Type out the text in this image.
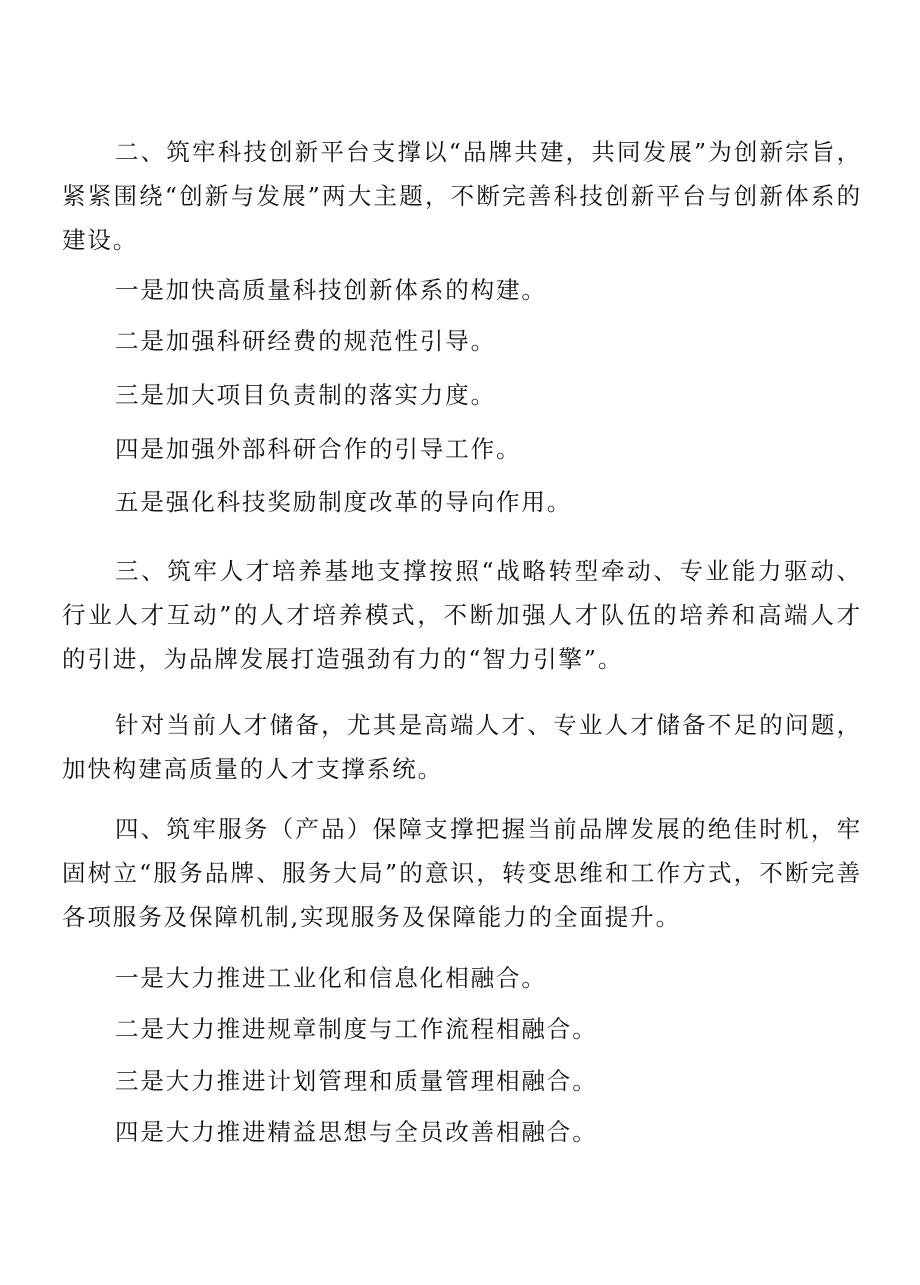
二、筑牢科技创新平台支撑以“品牌共建，共同发展”为创新宗旨，紧紧围绕“创新与发展”两大主题，不断完善科技创新平台与创新体系的建设。

一是加快高质量科技创新体系的构建。

二是加强科研经费的规范性引导。

三是加大项目负责制的落实力度。

四是加强外部科研合作的引导工作。

五是强化科技奖励制度改革的导向作用。

三、筑牢人才培养基地支撑按照“战略转型牵动、专业能力驱动、行业人才互动”的人才培养模式，不断加强人才队伍的培养和高端人才的引进，为品牌发展打造强劲有力的“智力引擎”。

针对当前人才储备，尤其是高端人才、专业人才储备不足的问题，加快构建高质量的人才支撑系统。

四、筑牢服务（产品）保障支撑把握当前品牌发展的绝佳时机，牢固树立“服务品牌、服务大局”的意识，转变思维和工作方式，不断完善各项服务及保障机制,实现服务及保障能力的全面提升。

一是大力推进工业化和信息化相融合。

二是大力推进规章制度与工作流程相融合。

三是大力推进计划管理和质量管理相融合。

四是大力推进精益思想与全员改善相融合。
